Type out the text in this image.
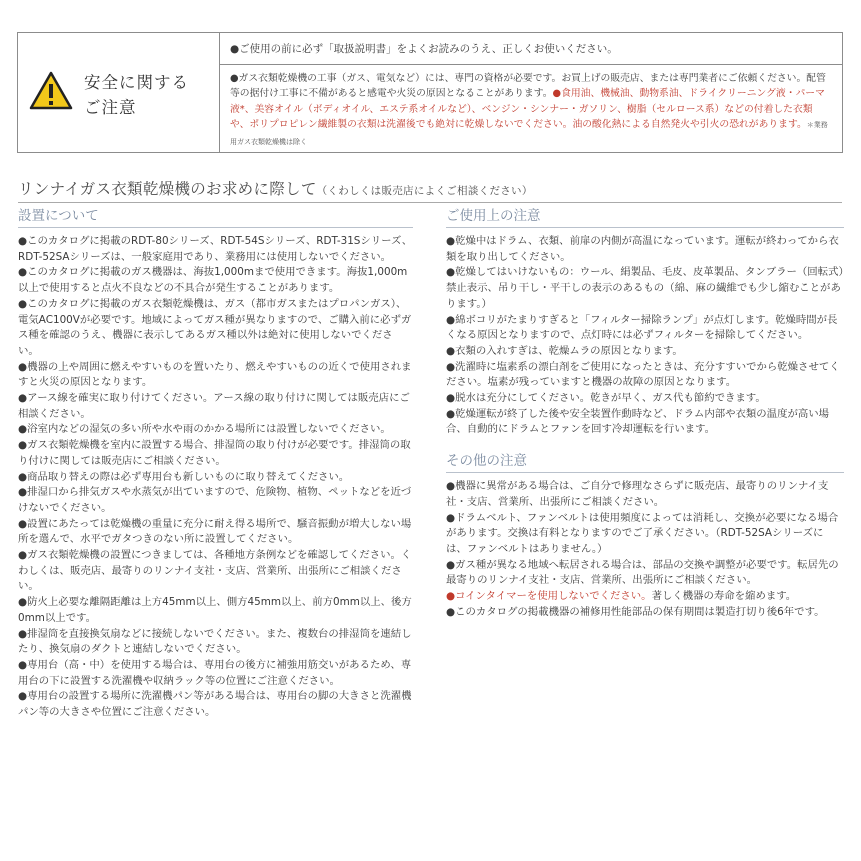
安全に関する
ご注意
●ご使用の前に必ず「取扱説明書」をよくお読みのうえ、正しくお使いください。
●ガス衣類乾燥機の工事（ガス、電気など）には、専門の資格が必要です。お買上げの販売店、または専門業者にご依頼ください。配管等の据付け工事に不備があると感電や火災の原因となることがあります。●食用油、機械油、動物系油、ドライクリーニング液・パーマ液*、美容オイル（ボディオイル、エステ系オイルなど）、ベンジン・シンナー・ガソリン、樹脂（セルロース系）などの付着した衣類や、ポリプロピレン繊維製の衣類は洗濯後でも絶対に乾燥しないでください。油の酸化熱による自然発火や引火の恐れがあります。＊業務用ガス衣類乾燥機は除く
リンナイガス衣類乾燥機のお求めに際して（くわしくは販売店によくご相談ください）

設置について

●このカタログに掲載のRDT-80シリーズ、RDT-54Sシリーズ、RDT-31Sシリーズ、RDT-52SAシリーズは、一般家庭用であり、業務用には使用しないでください。

●このカタログに掲載のガス機器は、海抜1,000mまで使用できます。海抜1,000m以上で使用すると点火不良などの不具合が発生することがあります。

●このカタログに掲載のガス衣類乾燥機は、ガス（都市ガスまたはプロパンガス）、電気AC100Vが必要です。地域によってガス種が異なりますので、ご購入前に必ずガス種を確認のうえ、機器に表示してあるガス種以外は絶対に使用しないでください。

●機器の上や周囲に燃えやすいものを置いたり、燃えやすいものの近くで使用されますと火災の原因となります。

●アース線を確実に取り付けてください。アース線の取り付けに関しては販売店にご相談ください。

●浴室内などの湿気の多い所や水や雨のかかる場所には設置しないでください。

●ガス衣類乾燥機を室内に設置する場合、排湿筒の取り付けが必要です。排湿筒の取り付けに関しては販売店にご相談ください。

●商品取り替えの際は必ず専用台も新しいものに取り替えてください。

●排湿口から排気ガスや水蒸気が出ていますので、危険物、植物、ペットなどを近づけないでください。

●設置にあたっては乾燥機の重量に充分に耐え得る場所で、騒音振動が増大しない場所を選んで、水平でガタつきのない所に設置してください。

●ガス衣類乾燥機の設置につきましては、各種地方条例などを確認してください。くわしくは、販売店、最寄りのリンナイ支社・支店、営業所、出張所にご相談ください。

●防火上必要な離隔距離は上方45mm以上、側方45mm以上、前方0mm以上、後方0mm以上です。

●排湿筒を直接換気扇などに接続しないでください。また、複数台の排湿筒を連結したり、換気扇のダクトと連結しないでください。

●専用台（高・中）を使用する場合は、専用台の後方に補強用筋交いがあるため、専用台の下に設置する洗濯機や収納ラック等の位置にご注意ください。

●専用台の設置する場所に洗濯機パン等がある場合は、専用台の脚の大きさと洗濯機パン等の大きさや位置にご注意ください。

ご使用上の注意

●乾燥中はドラム、衣類、前扉の内側が高温になっています。運転が終わってから衣類を取り出してください。

●乾燥してはいけないもの：ウール、絹製品、毛皮、皮革製品、タンブラー（回転式）禁止表示、吊り干し・平干しの表示のあるもの（綿、麻の繊維でも少し縮むことがあります。）

●綿ボコリがたまりすぎると「フィルター掃除ランプ」が点灯します。乾燥時間が長くなる原因となりますので、点灯時には必ずフィルターを掃除してください。

●衣類の入れすぎは、乾燥ムラの原因となります。

●洗濯時に塩素系の漂白剤をご使用になったときは、充分すすいでから乾燥させてください。塩素が残っていますと機器の故障の原因となります。

●脱水は充分にしてください。乾きが早く、ガス代も節約できます。

●乾燥運転が終了した後や安全装置作動時など、ドラム内部や衣類の温度が高い場合、自動的にドラムとファンを回す冷却運転を行います。

その他の注意

●機器に異常がある場合は、ご自分で修理なさらずに販売店、最寄りのリンナイ支社・支店、営業所、出張所にご相談ください。

●ドラムベルト、ファンベルトは使用頻度によっては消耗し、交換が必要になる場合があります。交換は有料となりますのでご了承ください。（RDT-52SAシリーズには、ファンベルトはありません。）

●ガス種が異なる地域へ転居される場合は、部品の交換や調整が必要です。転居先の最寄りのリンナイ支社・支店、営業所、出張所にご相談ください。

●コインタイマーを使用しないでください。著しく機器の寿命を縮めます。

●このカタログの掲載機器の補修用性能部品の保有期間は製造打切り後6年です。
